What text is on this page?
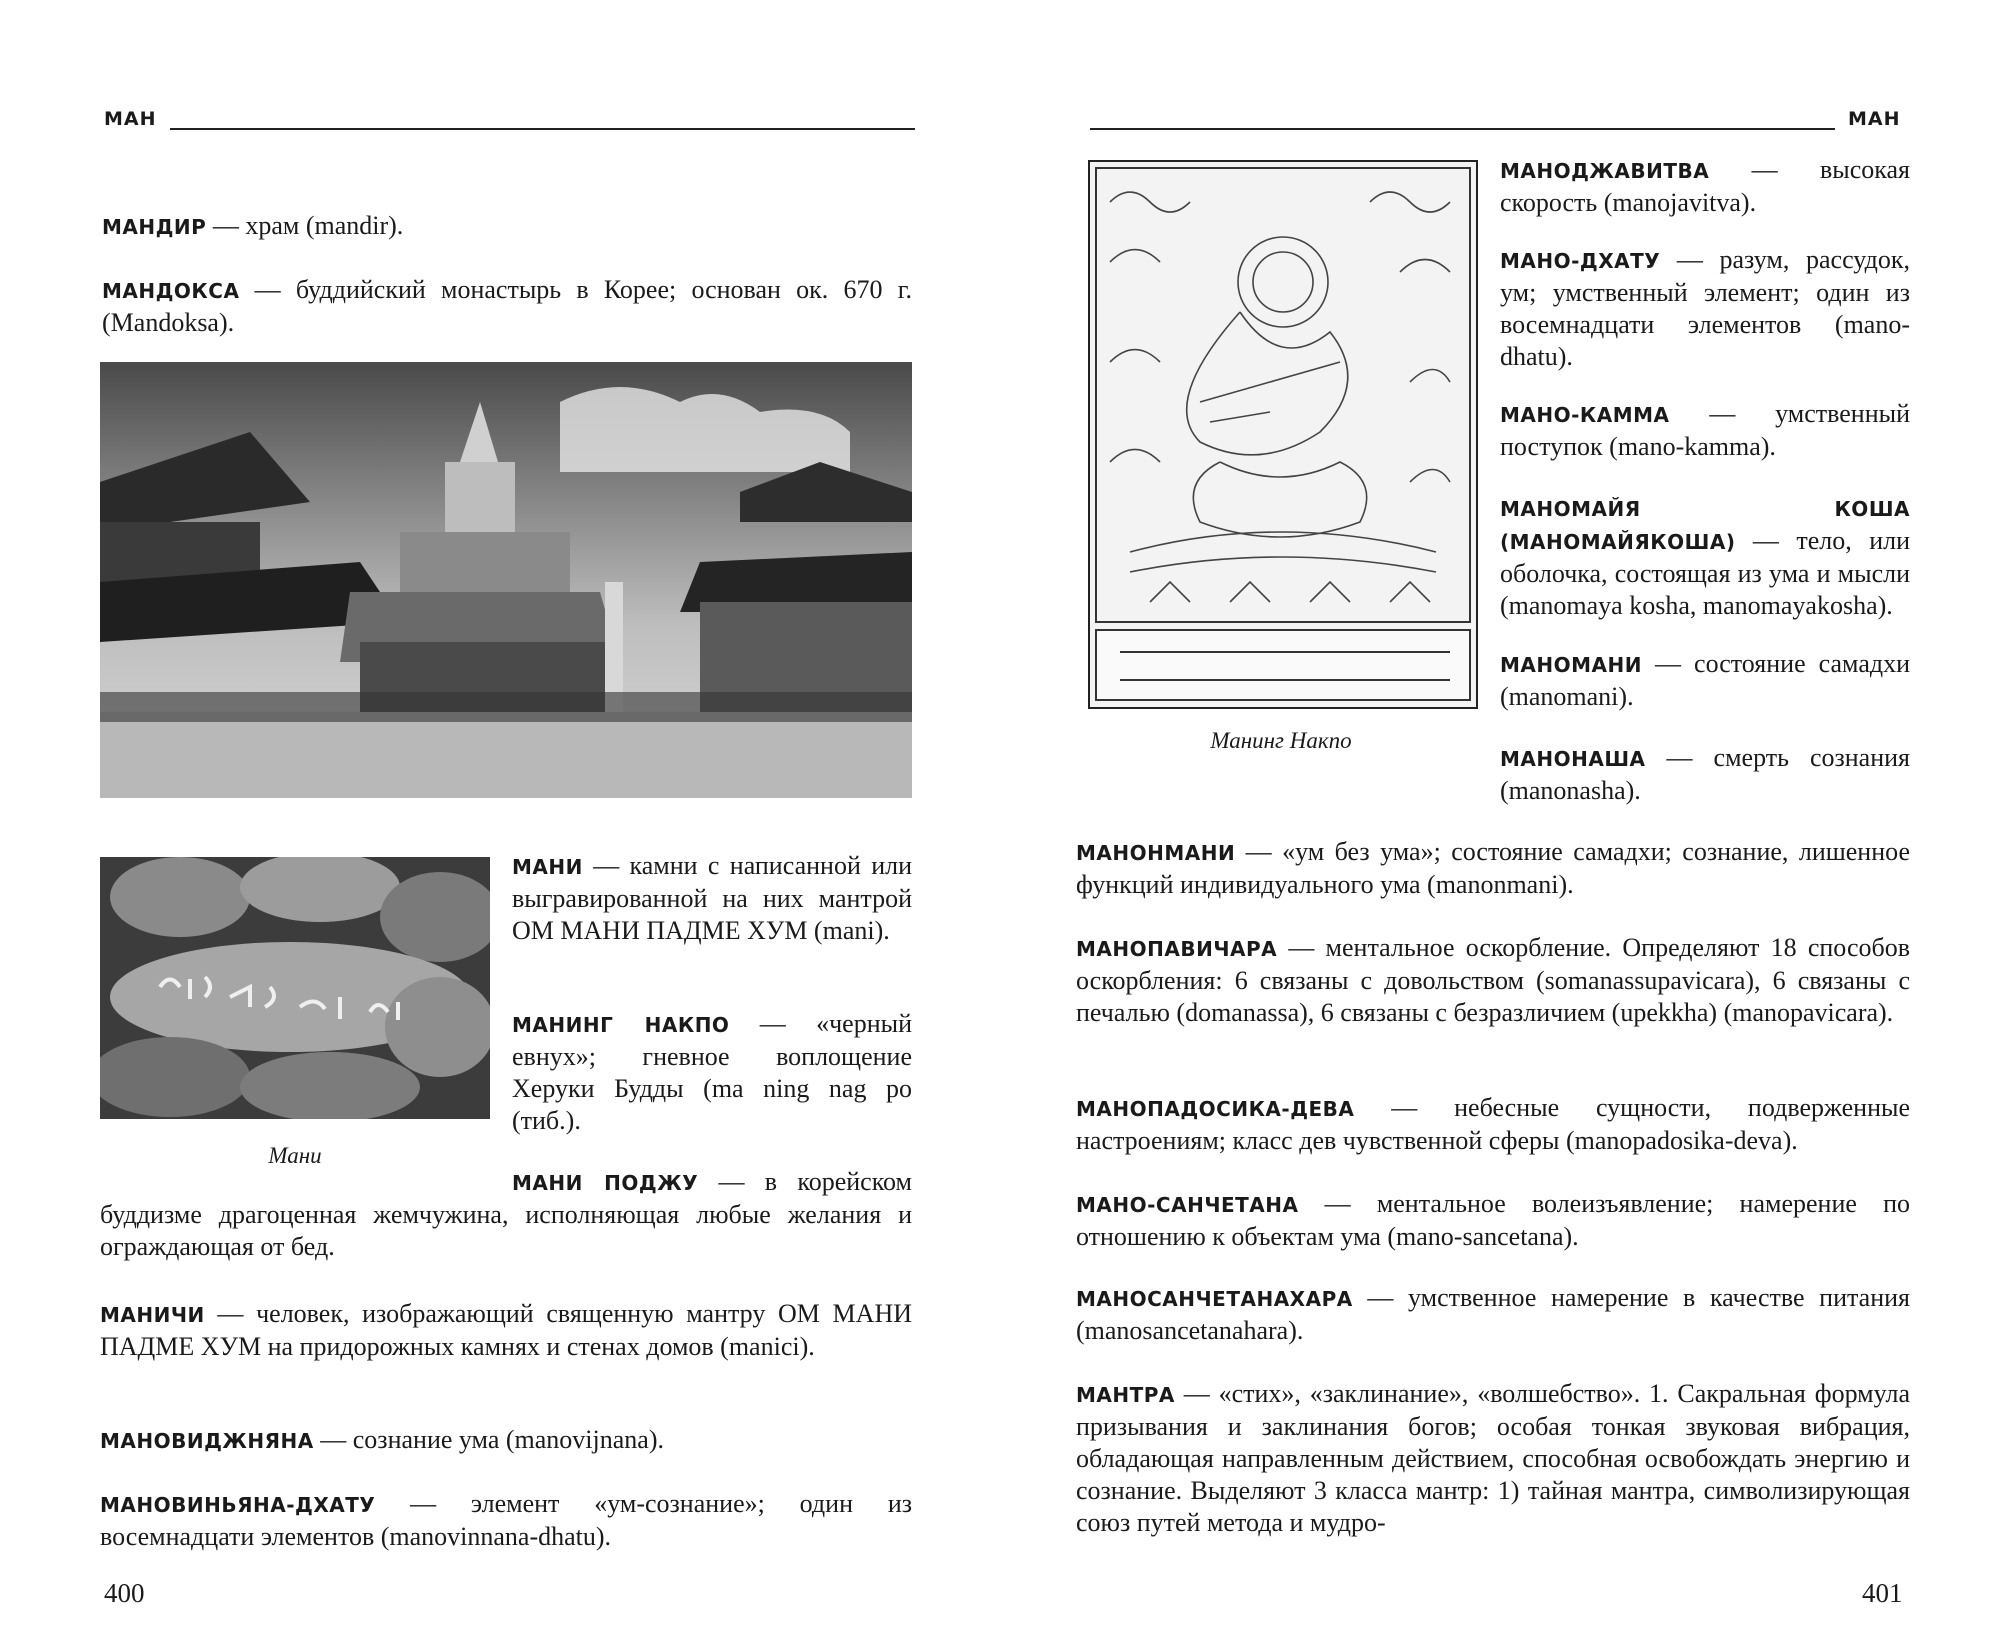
МАН
МАНДИР — храм (mandir).
МАНДОКСА — буддийский монастырь в Корее; основан ок. 670 г. (Mandoksa).
Мани
МАНИ — камни с написанной или выгравированной на них мантрой ОМ МАНИ ПАДМЕ ХУМ (mani).
МАНИНГ НАКПО — «черный евнух»; гневное воплощение Херуки Будды (ma ning nag po (тиб.).
МАНИ ПОДЖУ — в корейском буддизме драгоценная жемчужина, исполняющая любые желания и ограждающая от бед.
МАНИЧИ — человек, изображающий священную мантру ОМ МАНИ ПАДМЕ ХУМ на придорожных камнях и стенах домов (manici).
МАНОВИДЖНЯНА — сознание ума (manovijnana).
МАНОВИНЬЯНА-ДХАТУ — элемент «ум-сознание»; один из восемнадцати элементов (manovinnana-dhatu).
400
МАН
Манинг Накпо
МАНОДЖАВИТВА — высокая скорость (manojavitva).
МАНО-ДХАТУ — разум, рассудок, ум; умственный элемент; один из восемнадцати элементов (mano-dhatu).
МАНО-КАММА — умственный поступок (mano-kamma).
МАНОМАЙЯ КОША (МАНОМАЙЯКОША) — тело, или оболочка, состоящая из ума и мысли (manomaya kosha, manomayakosha).
МАНОМАНИ — состояние самадхи (manomani).
МАНОНАША — смерть сознания (manonasha).
МАНОНМАНИ — «ум без ума»; состояние самадхи; сознание, лишенное функций индивидуального ума (manonmani).
МАНОПАВИЧАРА — ментальное оскорбление. Определяют 18 способов оскорбления: 6 связаны с довольством (somanassupavicara), 6 связаны с печалью (domanassa), 6 связаны с безразличием (upekkha) (manopavicara).
МАНОПАДОСИКА-ДЕВА — небесные сущности, подверженные настроениям; класс дев чувственной сферы (manopadosika-deva).
МАНО-САНЧЕТАНА — ментальное волеизъявление; намерение по отношению к объектам ума (mano-sancetana).
МАНОСАНЧЕТАНАХАРА — умственное намерение в качестве питания (manosancetanahara).
МАНТРА — «стих», «заклинание», «волшебство». 1. Сакральная формула призывания и заклинания богов; особая тонкая звуковая вибрация, обладающая направленным действием, способная освобождать энергию и сознание. Выделяют 3 класса мантр: 1) тайная мантра, символизирующая союз путей метода и мудро-
401
